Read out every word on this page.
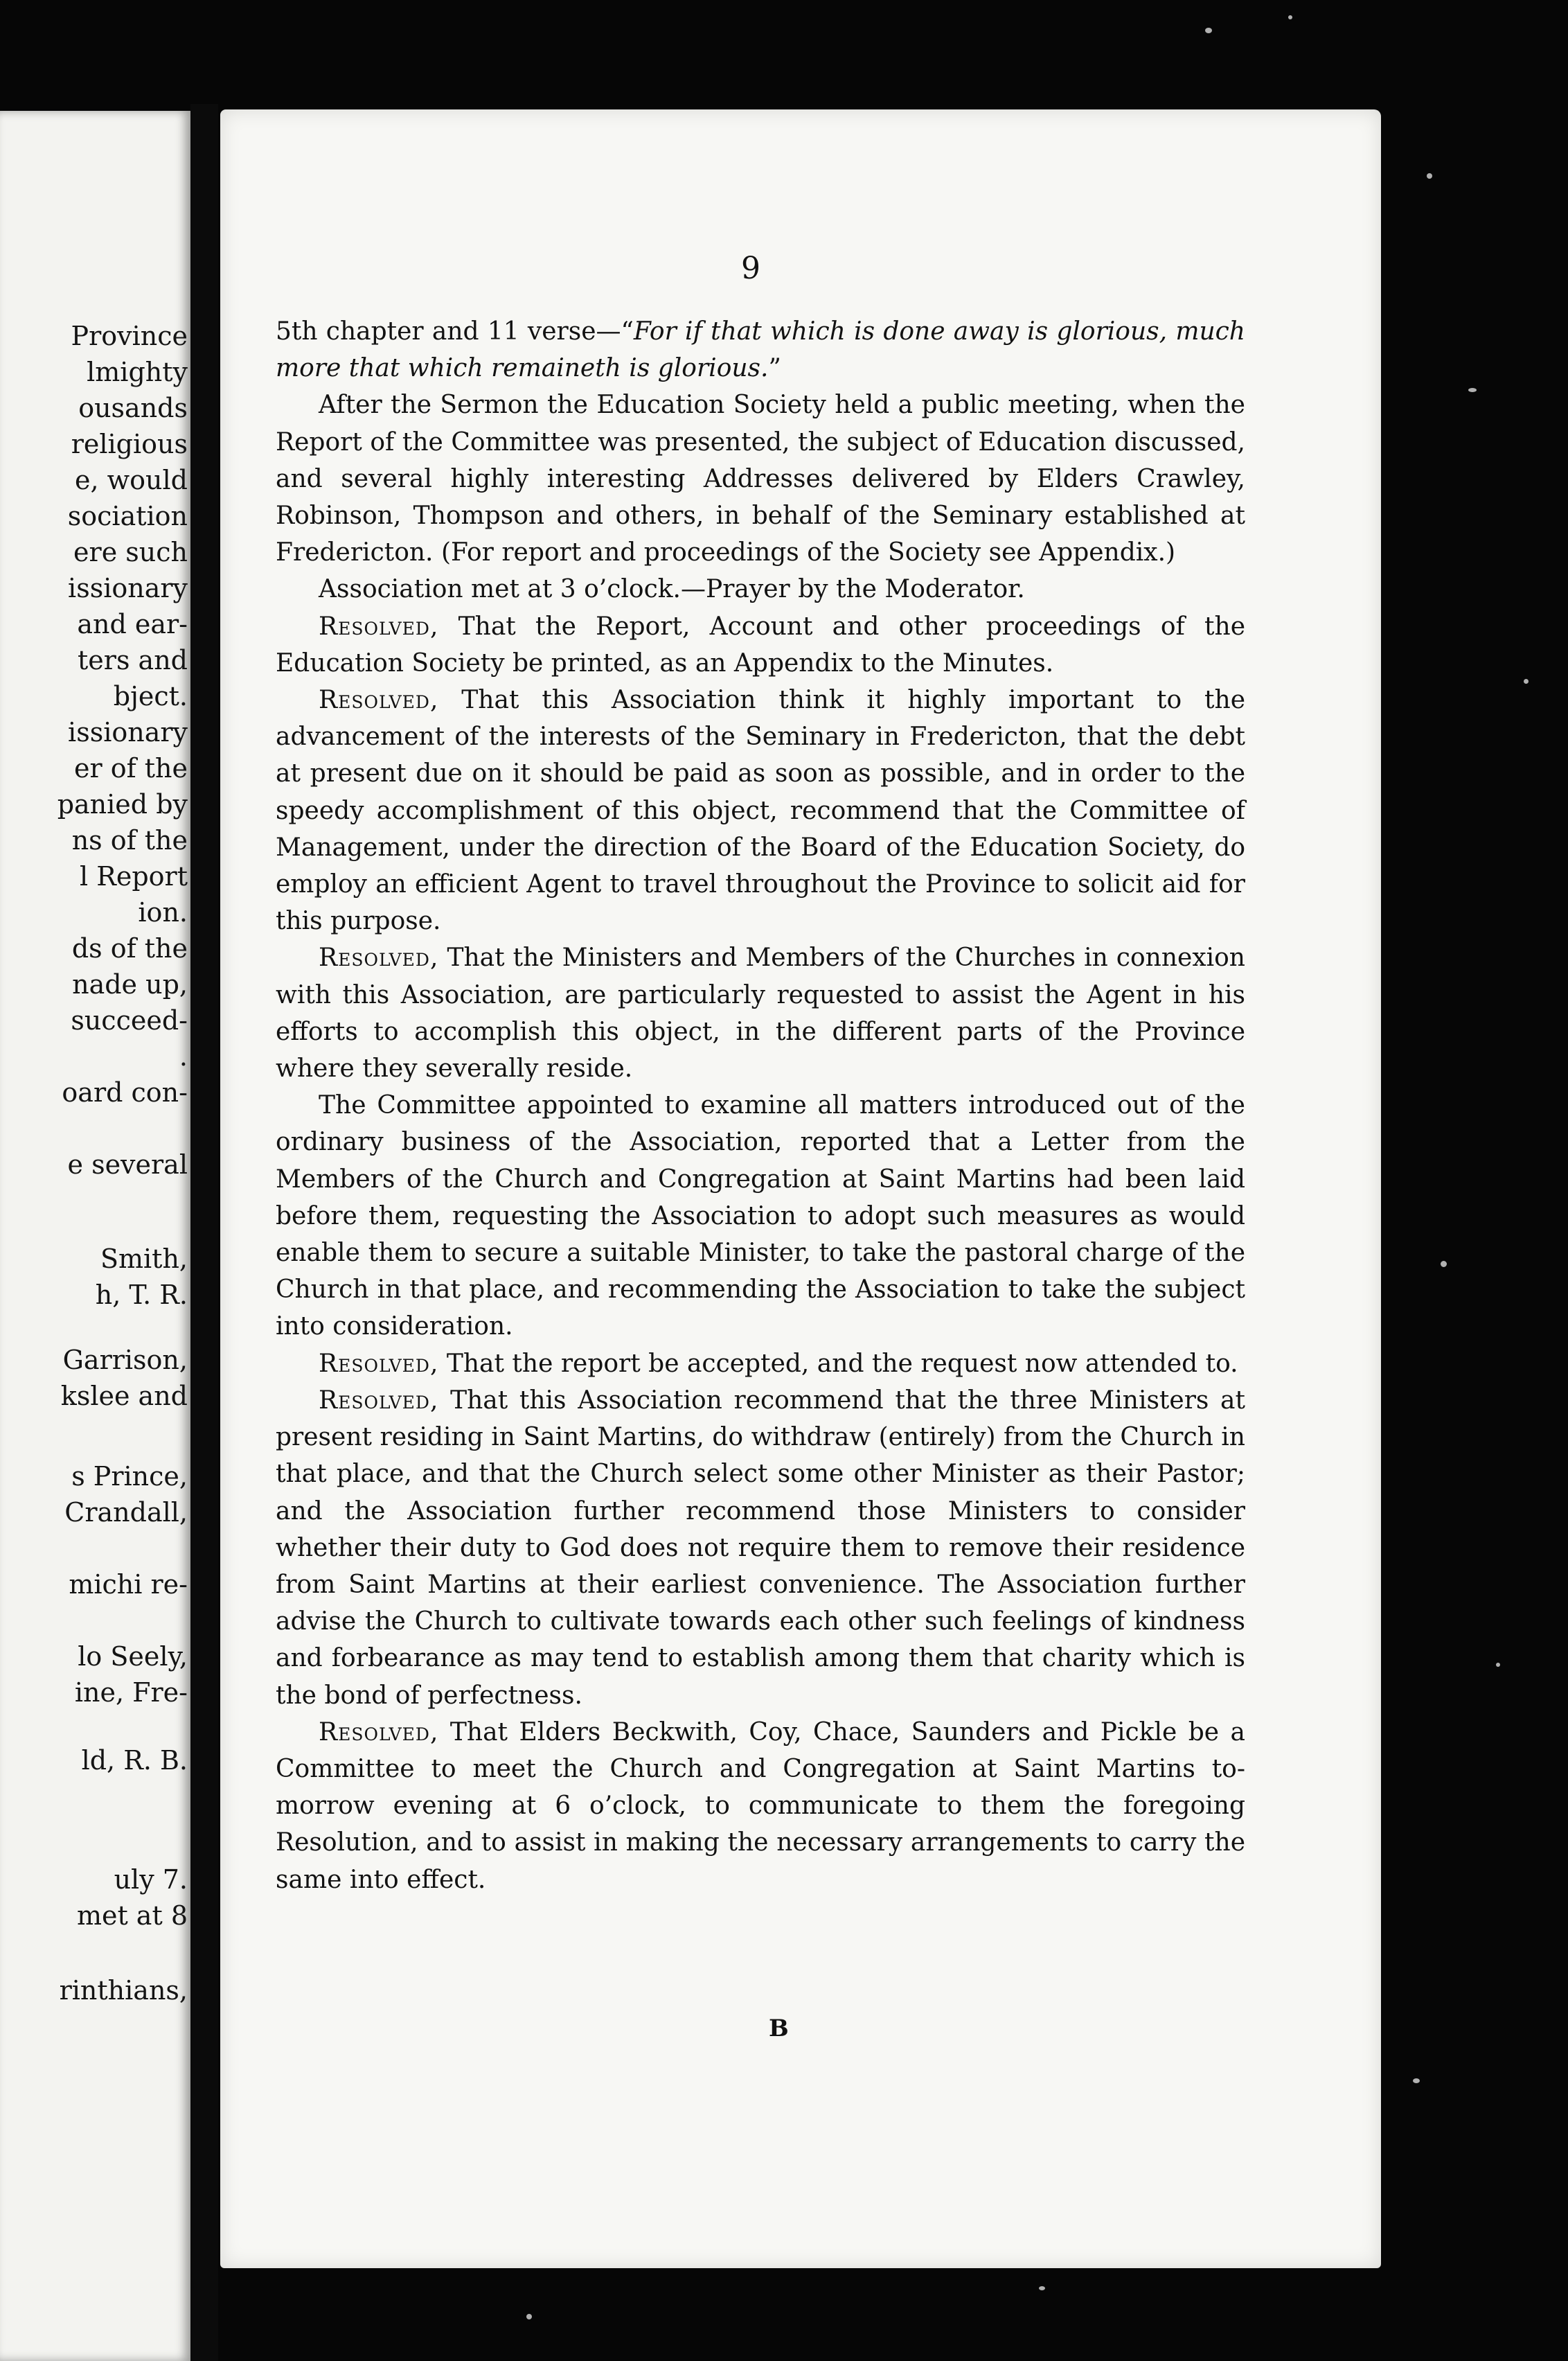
Province
lmighty
ousands
religious
e, would
sociation
ere such
issionary
and ear-
ters and
bject.
issionary
er of the
panied by
ns of the
l Report
ion.
ds of the
nade up,
succeed-
.
oard con-
e several
Smith,
h, T. R.
Garrison,
kslee and
s Prince,
Crandall,
michi re-
lo Seely,
ine, Fre-
ld, R. B.
uly 7.
met at 8
rinthians,
9

5th chapter and 11 verse—“For if that which is done away is glorious, much more that which remaineth is glorious.”

After the Sermon the Education Society held a public meeting, when the Report of the Committee was presented, the subject of Education discussed, and several highly interesting Addresses delivered by Elders Crawley, Robinson, Thompson and others, in behalf of the Seminary established at Fredericton. (For report and proceedings of the Society see Appendix.)

Association met at 3 o’clock.—Prayer by the Moderator.

Resolved, That the Report, Account and other proceedings of the Education Society be printed, as an Appendix to the Minutes.

Resolved, That this Association think it highly important to the advancement of the interests of the Seminary in Fredericton, that the debt at present due on it should be paid as soon as possible, and in order to the speedy accomplishment of this object, recommend that the Committee of Management, under the direction of the Board of the Education Society, do employ an efficient Agent to travel throughout the Province to solicit aid for this purpose.

Resolved, That the Ministers and Members of the Churches in connexion with this Association, are particularly requested to assist the Agent in his efforts to accomplish this object, in the different parts of the Province where they severally reside.

The Committee appointed to examine all matters introduced out of the ordinary business of the Association, reported that a Letter from the Members of the Church and Congregation at Saint Martins had been laid before them, requesting the Association to adopt such measures as would enable them to secure a suitable Minister, to take the pastoral charge of the Church in that place, and recommending the Association to take the subject into consideration.

Resolved, That the report be accepted, and the request now attended to.

Resolved, That this Association recommend that the three Ministers at present residing in Saint Martins, do withdraw (entirely) from the Church in that place, and that the Church select some other Minister as their Pastor; and the Association further recommend those Ministers to consider whether their duty to God does not require them to remove their residence from Saint Martins at their earliest convenience. The Association further advise the Church to cultivate towards each other such feelings of kindness and forbearance as may tend to establish among them that charity which is the bond of perfectness.

Resolved, That Elders Beckwith, Coy, Chace, Saunders and Pickle be a Committee to meet the Church and Congregation at Saint Martins to-morrow evening at 6 o’clock, to communicate to them the foregoing Resolution, and to assist in making the necessary arrangements to carry the same into effect.

B
